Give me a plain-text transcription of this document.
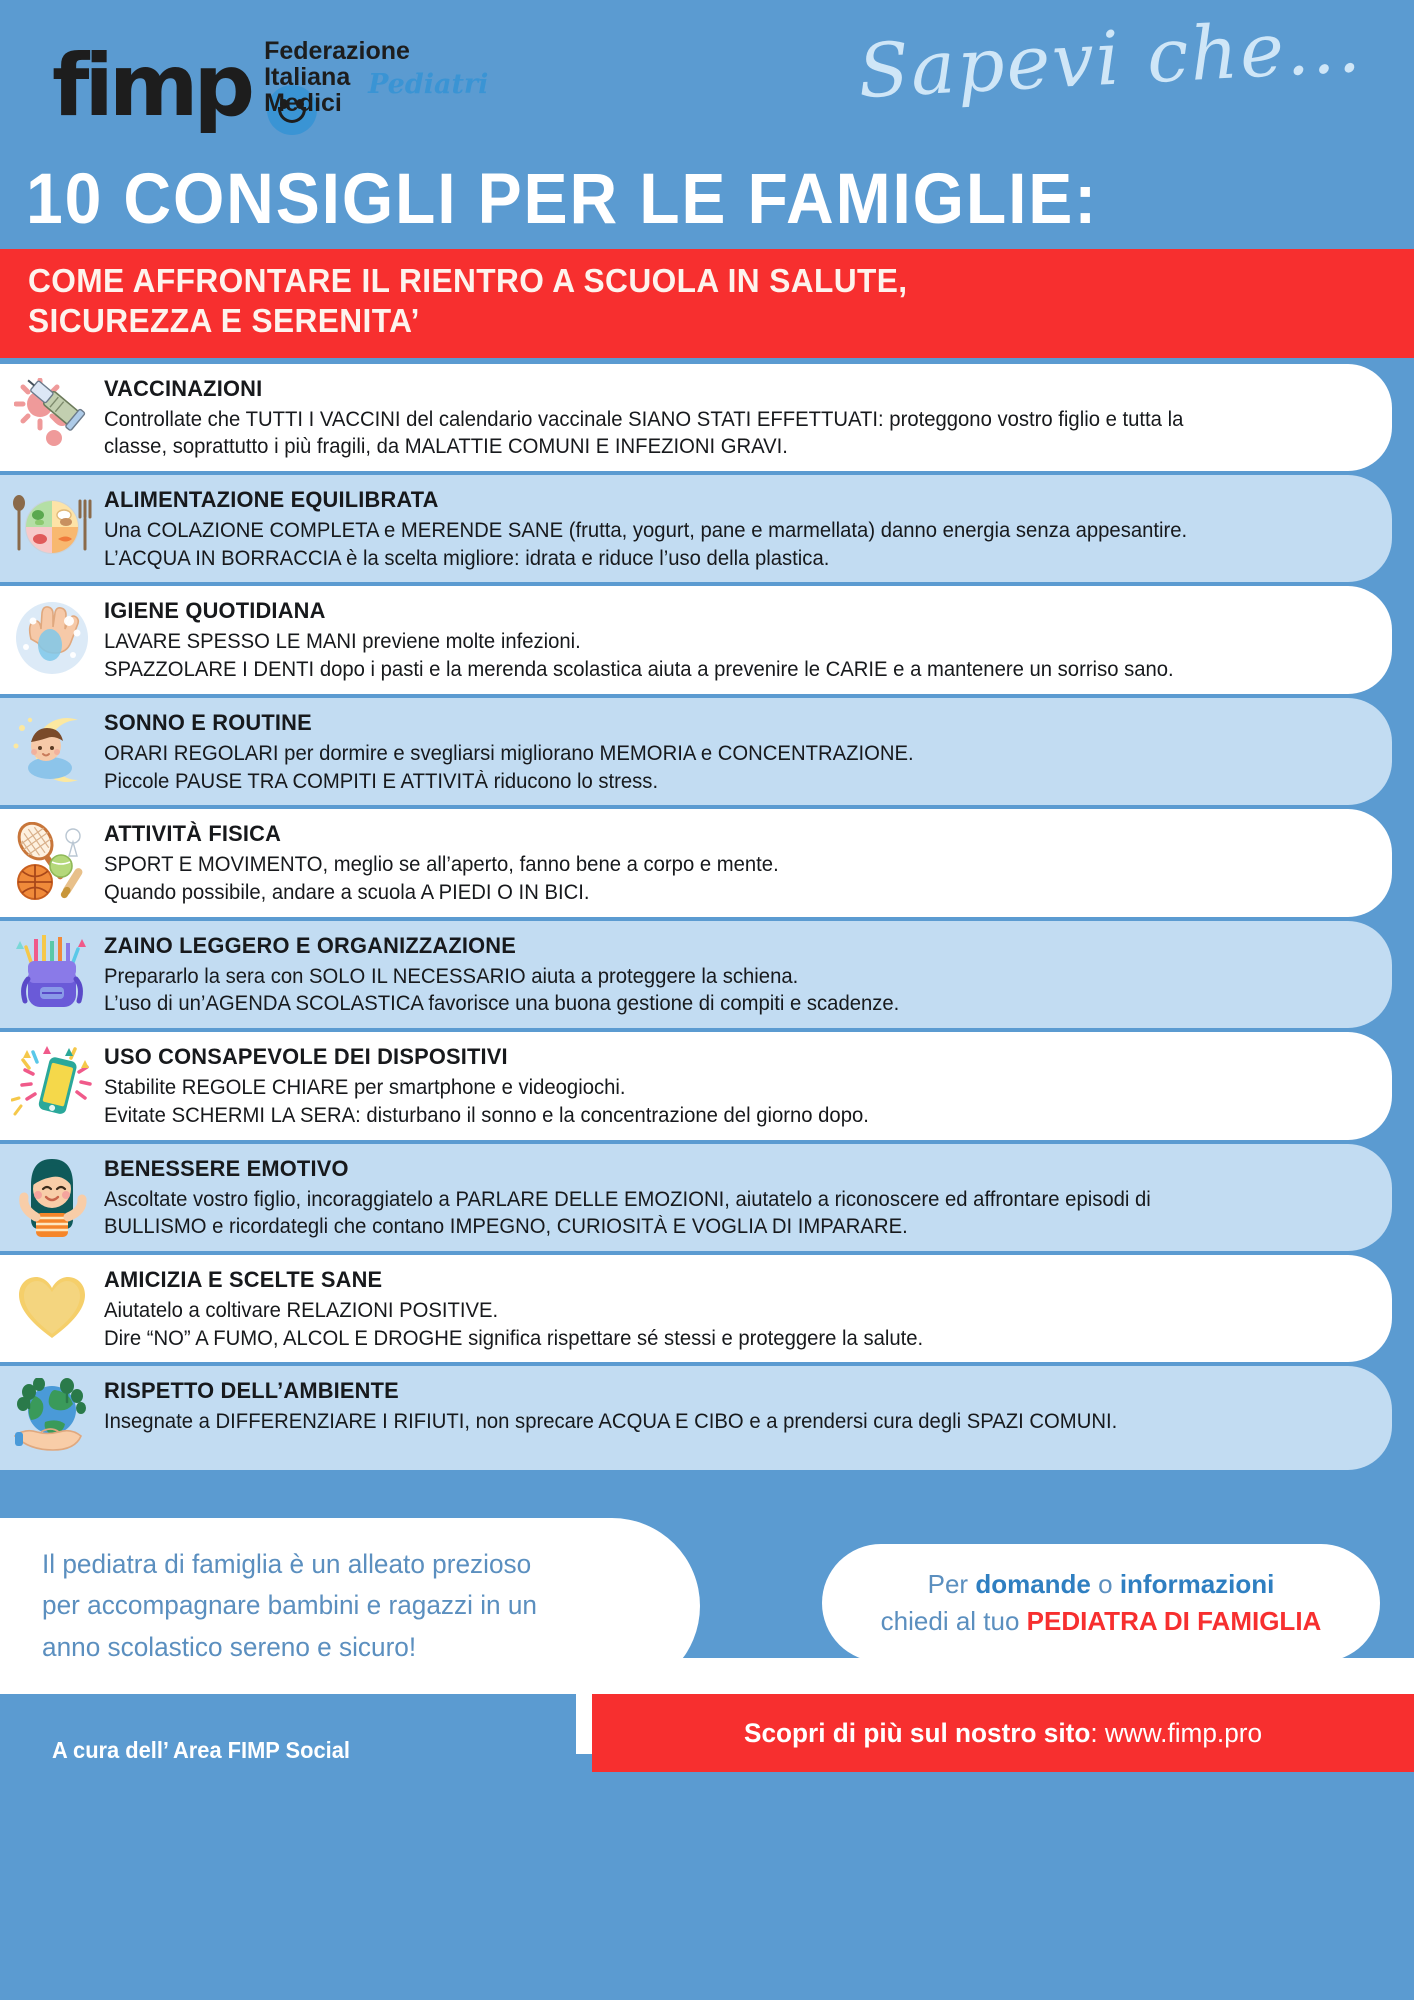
fimp Federazione
Italiana
Medici
Pediatri	Sapevi che...
10 CONSIGLI PER LE FAMIGLIE:
COME AFFRONTARE IL RIENTRO A SCUOLA IN SALUTE,
SICUREZZA E SERENITA’
VACCINAZIONI
Controllate che TUTTI I VACCINI del calendario vaccinale SIANO STATI EFFETTUATI: proteggono vostro figlio e tutta la
classe, soprattutto i più fragili, da MALATTIE COMUNI E INFEZIONI GRAVI.
ALIMENTAZIONE EQUILIBRATA
Una COLAZIONE COMPLETA e MERENDE SANE (frutta, yogurt, pane e marmellata) danno energia senza appesantire.
L’ACQUA IN BORRACCIA è la scelta migliore: idrata e riduce l’uso della plastica.
IGIENE QUOTIDIANA
LAVARE SPESSO LE MANI previene molte infezioni.
SPAZZOLARE I DENTI dopo i pasti e la merenda scolastica aiuta a prevenire le CARIE e a mantenere un sorriso sano.
SONNO E ROUTINE
ORARI REGOLARI per dormire e svegliarsi migliorano MEMORIA e CONCENTRAZIONE.
Piccole PAUSE TRA COMPITI E ATTIVITÀ riducono lo stress.
ATTIVITÀ FISICA
SPORT E MOVIMENTO, meglio se all’aperto, fanno bene a corpo e mente.
Quando possibile, andare a scuola A PIEDI O IN BICI.
ZAINO LEGGERO E ORGANIZZAZIONE
Prepararlo la sera con SOLO IL NECESSARIO aiuta a proteggere la schiena.
L’uso di un’AGENDA SCOLASTICA favorisce una buona gestione di compiti e scadenze.
USO CONSAPEVOLE DEI DISPOSITIVI
Stabilite REGOLE CHIARE per smartphone e videogiochi.
Evitate SCHERMI LA SERA: disturbano il sonno e la concentrazione del giorno dopo.
BENESSERE EMOTIVO
Ascoltate vostro figlio, incoraggiatelo a PARLARE DELLE EMOZIONI, aiutatelo a riconoscere ed affrontare episodi di
BULLISMO e ricordategli che contano IMPEGNO, CURIOSITÀ E VOGLIA DI IMPARARE.
AMICIZIA E SCELTE SANE
Aiutatelo a coltivare RELAZIONI POSITIVE.
Dire “NO” A FUMO, ALCOL E DROGHE significa rispettare sé stessi e proteggere la salute.
RISPETTO DELL’AMBIENTE
Insegnate a DIFFERENZIARE I RIFIUTI, non sprecare ACQUA E CIBO e a prendersi cura degli SPAZI COMUNI.

Il pediatra di famiglia è un alleato prezioso

per accompagnare bambini e ragazzi in un

anno scolastico sereno e sicuro!

Per domande o informazioni

chiedi al tuo PEDIATRA DI FAMIGLIA

A cura dell’ Area FIMP Social
Scopri di più sul nostro sito: www.fimp.pro
